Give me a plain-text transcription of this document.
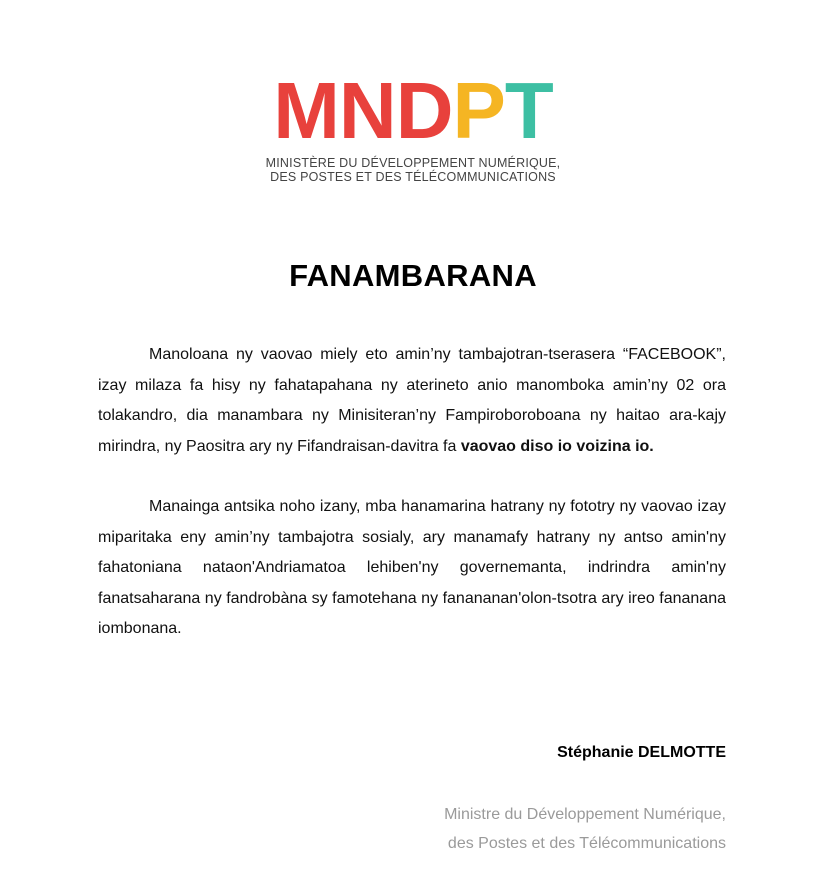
M N D P T
MINISTÈRE DU DÉVELOPPEMENT NUMÉRIQUE,
DES POSTES ET DES TÉLÉCOMMUNICATIONS
FANAMBARANA

Manoloana ny vaovao miely eto amin’ny tambajotran-tserasera “FACEBOOK”, izay milaza fa hisy ny fahatapahana ny aterineto anio manomboka amin’ny 02 ora tolakandro, dia manambara ny Minisiteran’ny Fampiroboroboana ny haitao ara-kajy mirindra, ny Paositra ary ny Fifandraisan-davitra fa vaovao diso io voizina io.

Manainga antsika noho izany, mba hanamarina hatrany ny fototry ny vaovao izay miparitaka eny amin’ny tambajotra sosialy, ary manamafy hatrany ny antso amin'ny fahatoniana nataon'Andriamatoa lehiben'ny governemanta, indrindra amin'ny fanatsaharana ny fandrobàna sy famotehana ny fanananan'olon-tsotra ary ireo fananana iombonana.

Stéphanie DELMOTTE
Ministre du Développement Numérique,
des Postes et des Télécommunications
